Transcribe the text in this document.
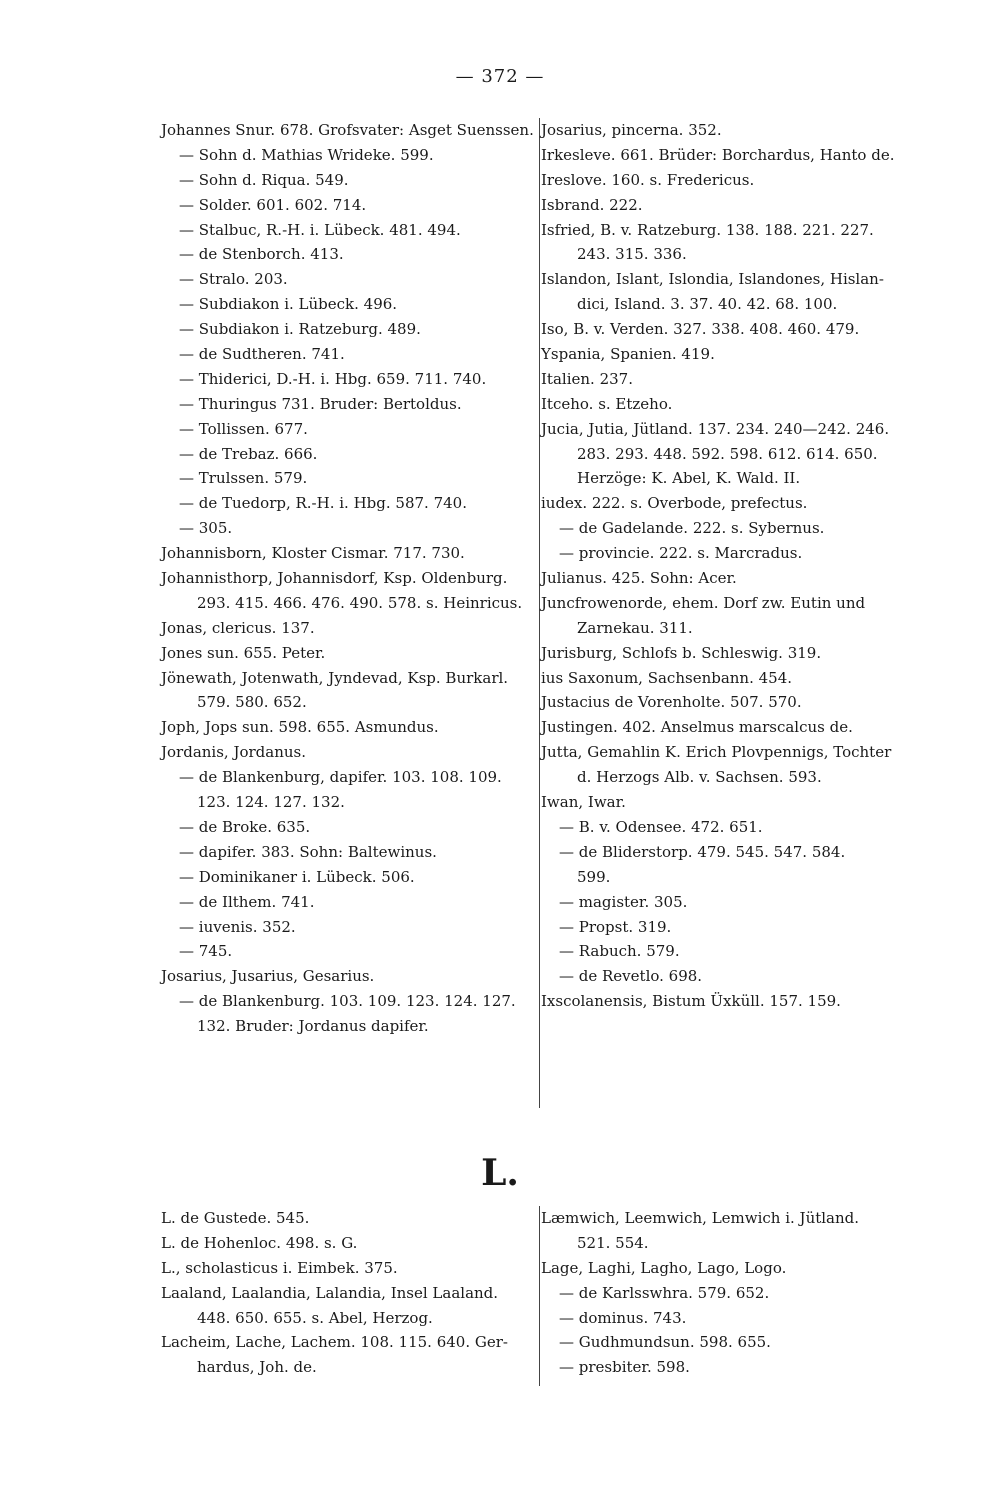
— 372 —
Johannes Snur. 678. Grofsvater: Asget Suenssen.
— Sohn d. Mathias Wrideke. 599.
— Sohn d. Riqua. 549.
— Solder. 601. 602. 714.
— Stalbuc, R.-H. i. Lübeck. 481. 494.
— de Stenborch. 413.
— Stralo. 203.
— Subdiakon i. Lübeck. 496.
— Subdiakon i. Ratzeburg. 489.
— de Sudtheren. 741.
— Thiderici, D.-H. i. Hbg. 659. 711. 740.
— Thuringus 731. Bruder: Bertoldus.
— Tollissen. 677.
— de Trebaz. 666.
— Trulssen. 579.
— de Tuedorp, R.-H. i. Hbg. 587. 740.
— 305.
Johannisborn, Kloster Cismar. 717. 730.
Johannisthorp, Johannisdorf, Ksp. Oldenburg.
293. 415. 466. 476. 490. 578. s. Heinricus.
Jonas, clericus. 137.
Jones sun. 655. Peter.
Jönewath, Jotenwath, Jyndevad, Ksp. Burkarl.
579. 580. 652.
Joph, Jops sun. 598. 655. Asmundus.
Jordanis, Jordanus.
— de Blankenburg, dapifer. 103. 108. 109.
123. 124. 127. 132.
— de Broke. 635.
— dapifer. 383. Sohn: Baltewinus.
— Dominikaner i. Lübeck. 506.
— de Ilthem. 741.
— iuvenis. 352.
— 745.
Josarius, Jusarius, Gesarius.
— de Blankenburg. 103. 109. 123. 124. 127.
132. Bruder: Jordanus dapifer.
Josarius, pincerna. 352.
Irkesleve. 661. Brüder: Borchardus, Hanto de.
Ireslove. 160. s. Fredericus.
Isbrand. 222.
Isfried, B. v. Ratzeburg. 138. 188. 221. 227.
243. 315. 336.
Islandon, Islant, Islondia, Islandones, Hislan-
dici, Island. 3. 37. 40. 42. 68. 100.
Iso, B. v. Verden. 327. 338. 408. 460. 479.
Yspania, Spanien. 419.
Italien. 237.
Itceho. s. Etzeho.
Jucia, Jutia, Jütland. 137. 234. 240—242. 246.
283. 293. 448. 592. 598. 612. 614. 650.
Herzöge: K. Abel, K. Wald. II.
iudex. 222. s. Overbode, prefectus.
— de Gadelande. 222. s. Sybernus.
— provincie. 222. s. Marcradus.
Julianus. 425. Sohn: Acer.
Juncfrowenorde, ehem. Dorf zw. Eutin und
Zarnekau. 311.
Jurisburg, Schlofs b. Schleswig. 319.
ius Saxonum, Sachsenbann. 454.
Justacius de Vorenholte. 507. 570.
Justingen. 402. Anselmus marscalcus de.
Jutta, Gemahlin K. Erich Plovpennigs, Tochter
d. Herzogs Alb. v. Sachsen. 593.
Iwan, Iwar.
— B. v. Odensee. 472. 651.
— de Bliderstorp. 479. 545. 547. 584.
599.
— magister. 305.
— Propst. 319.
— Rabuch. 579.
— de Revetlo. 698.
Ixscolanensis, Bistum Üxküll. 157. 159.
L.
L. de Gustede. 545.
L. de Hohenloc. 498. s. G.
L., scholasticus i. Eimbek. 375.
Laaland, Laalandia, Lalandia, Insel Laaland.
448. 650. 655. s. Abel, Herzog.
Lacheim, Lache, Lachem. 108. 115. 640. Ger-
hardus, Joh. de.
Læmwich, Leemwich, Lemwich i. Jütland.
521. 554.
Lage, Laghi, Lagho, Lago, Logo.
— de Karlsswhra. 579. 652.
— dominus. 743.
— Gudhmundsun. 598. 655.
— presbiter. 598.
